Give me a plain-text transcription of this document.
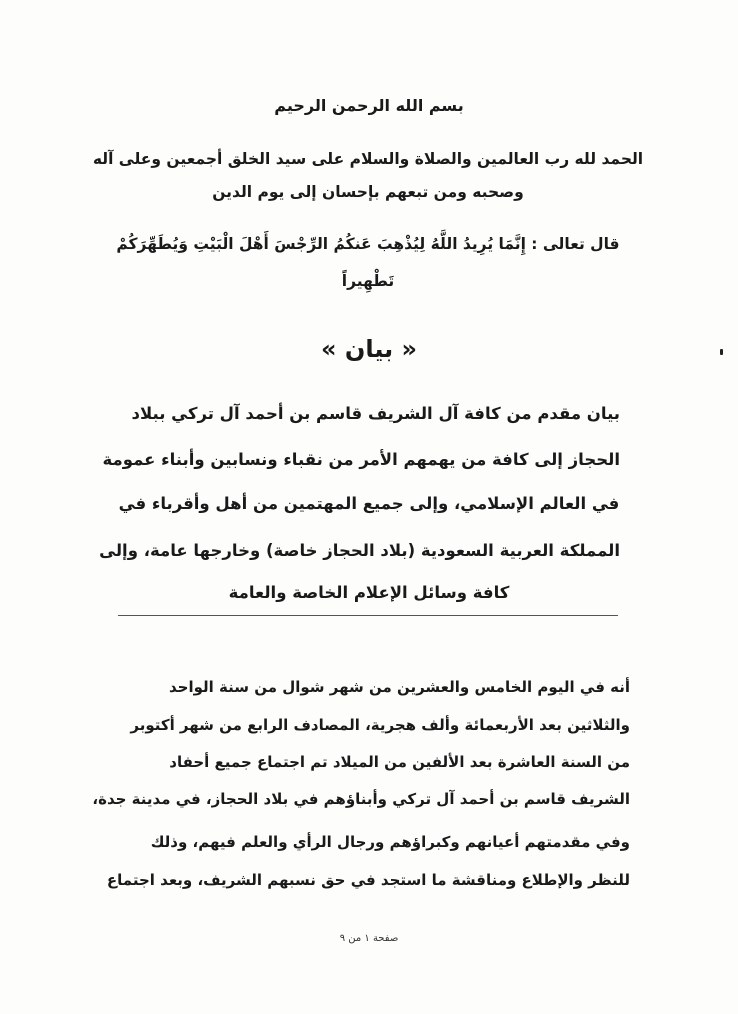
بسم الله الرحمن الرحيم
الحمد لله رب العالمين والصلاة والسلام على سيد الخلق أجمعين وعلى آله
وصحبه ومن تبعهم بإحسان إلى يوم الدين
قال تعالى : إِنَّمَا يُرِيدُ اللَّهُ لِيُذْهِبَ عَنكُمُ الرِّجْسَ أَهْلَ الْبَيْتِ وَيُطَهِّرَكُمْ
تَطْهِيراً
« بيان »
بيان مقدم من كافة آل الشريف قاسم بن أحمد آل تركي ببلاد
الحجاز إلى كافة من يهمهم الأمر من نقباء ونسابين وأبناء عمومة
في العالم الإسلامي، وإلى جميع المهتمين من أهل وأقرباء في
المملكة العربية السعودية (بلاد الحجاز خاصة) وخارجها عامة، وإلى
كافة وسائل الإعلام الخاصة والعامة
أنه في اليوم الخامس والعشرين من شهر شوال من سنة الواحد
والثلاثين بعد الأربعمائة وألف هجرية، المصادف الرابع من شهر أكتوبر
من السنة العاشرة بعد الألفين من الميلاد تم اجتماع جميع أحفاد
الشريف قاسم بن أحمد آل تركي وأبناؤهم في بلاد الحجاز، في مدينة جدة،
وفي مقدمتهم أعيانهم وكبراؤهم ورجال الرأي والعلم فيهم، وذلك
للنظر والإطلاع ومناقشة ما استجد في حق نسبهم الشريف، وبعد اجتماع
صفحة ١ من ٩
